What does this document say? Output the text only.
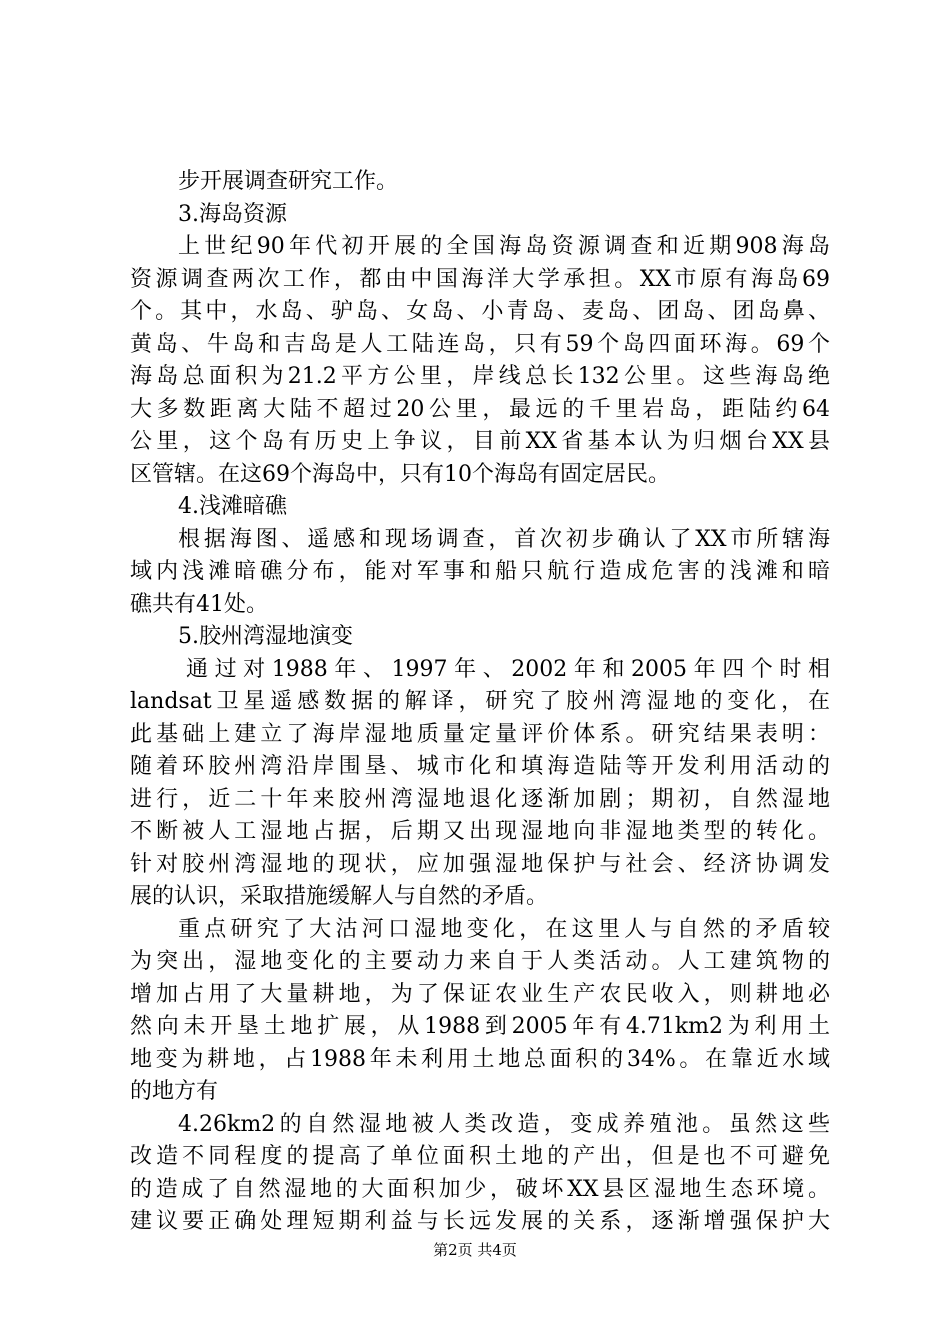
步开展调查研究工作。
3.海岛资源
上世纪90年代初开展的全国海岛资源调查和近期908海岛
资源调查两次工作，都由中国海洋大学承担。XX市原有海岛69
个。其中，水岛、驴岛、女岛、小青岛、麦岛、团岛、团岛鼻、
黄岛、牛岛和吉岛是人工陆连岛，只有59个岛四面环海。69个
海岛总面积为21.2平方公里，岸线总长132公里。这些海岛绝
大多数距离大陆不超过20公里，最远的千里岩岛，距陆约64
公里，这个岛有历史上争议，目前XX省基本认为归烟台XX县
区管辖。在这69个海岛中，只有10个海岛有固定居民。
4.浅滩暗礁
根据海图、遥感和现场调查，首次初步确认了XX市所辖海
域内浅滩暗礁分布，能对军事和船只航行造成危害的浅滩和暗
礁共有41处。
5.胶州湾湿地演变
通过对1988年、1997年、2002年和2005年四个时相
landsat卫星遥感数据的解译，研究了胶州湾湿地的变化，在
此基础上建立了海岸湿地质量定量评价体系。研究结果表明：
随着环胶州湾沿岸围垦、城市化和填海造陆等开发利用活动的
进行，近二十年来胶州湾湿地退化逐渐加剧；期初，自然湿地
不断被人工湿地占据，后期又出现湿地向非湿地类型的转化。
针对胶州湾湿地的现状，应加强湿地保护与社会、经济协调发
展的认识，采取措施缓解人与自然的矛盾。
重点研究了大沽河口湿地变化，在这里人与自然的矛盾较
为突出，湿地变化的主要动力来自于人类活动。人工建筑物的
增加占用了大量耕地，为了保证农业生产农民收入，则耕地必
然向未开垦土地扩展，从1988到2005年有4.71km2为利用土
地变为耕地，占1988年未利用土地总面积的34%。在靠近水域
的地方有
4.26km2的自然湿地被人类改造，变成养殖池。虽然这些
改造不同程度的提高了单位面积土地的产出，但是也不可避免
的造成了自然湿地的大面积加少，破坏XX县区湿地生态环境。
建议要正确处理短期利益与长远发展的关系，逐渐增强保护大
第2页 共4页
